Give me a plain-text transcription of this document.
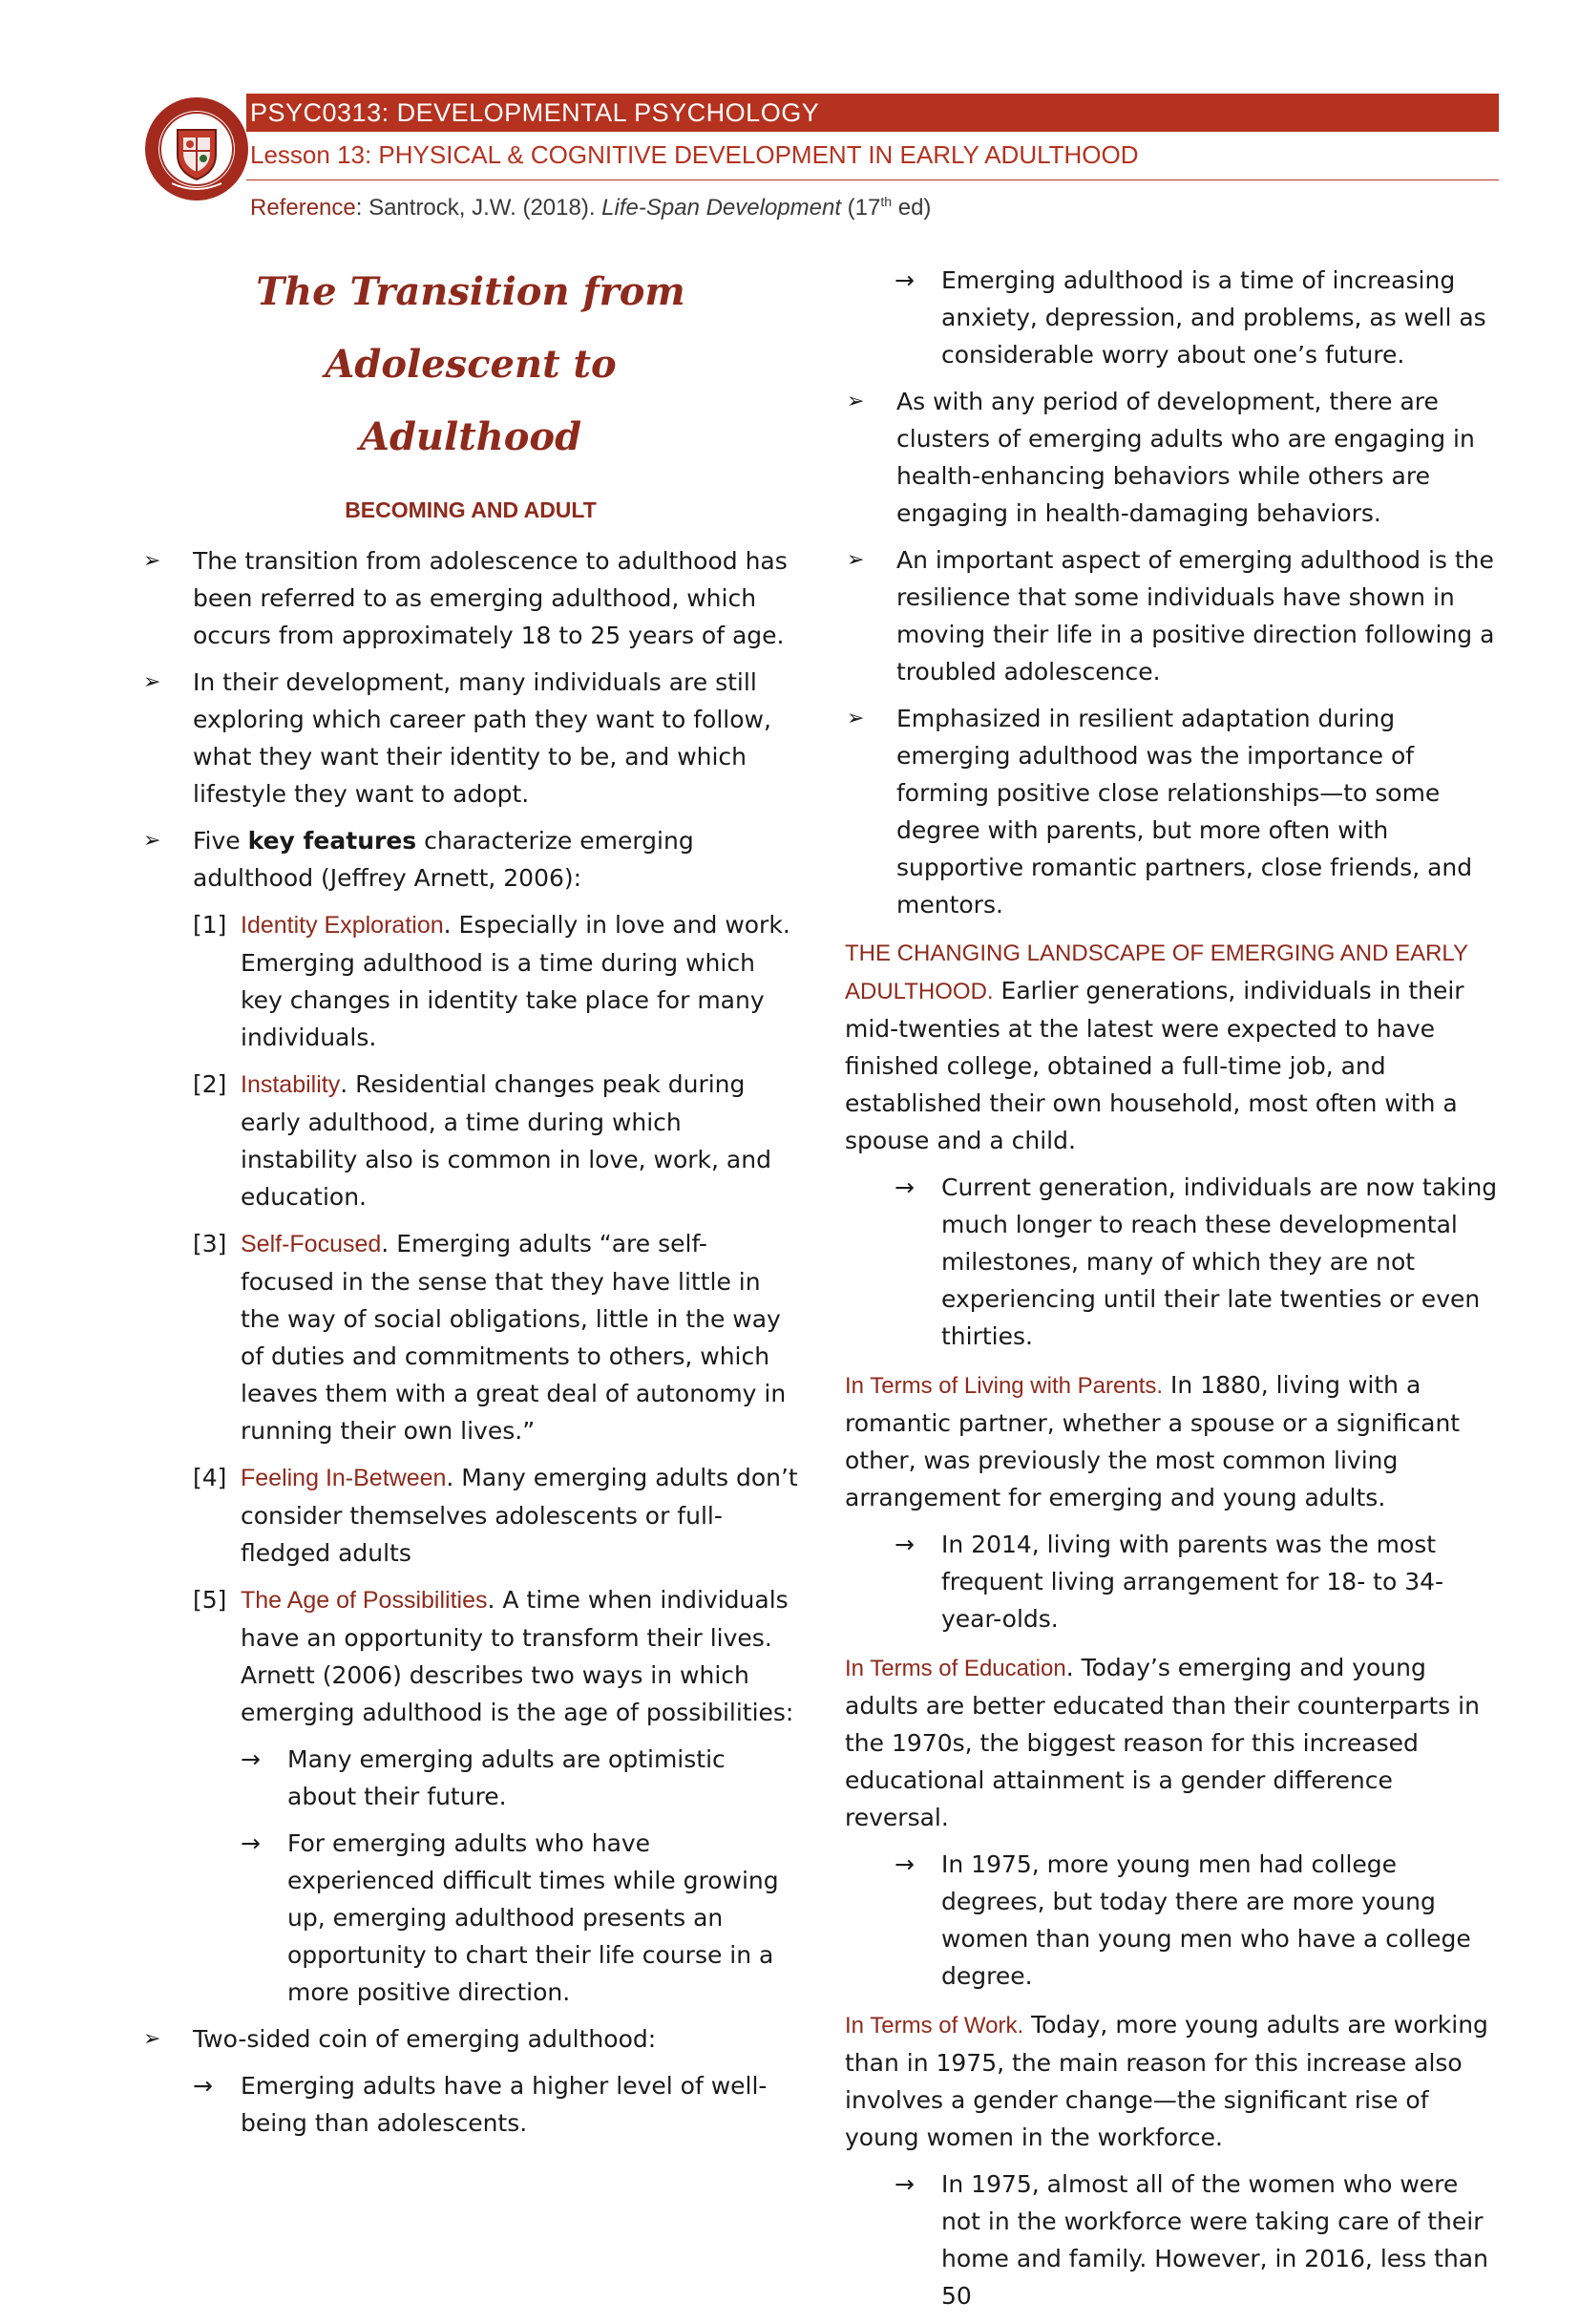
PSYC0313: DEVELOPMENTAL PSYCHOLOGY
Lesson 13: PHYSICAL & COGNITIVE DEVELOPMENT IN EARLY ADULTHOOD
Reference: Santrock, J.W. (2018). Life-Span Development (17th ed)
The Transition from Adolescent to
Adulthood
BECOMING AND ADULT
➢ The transition from adolescence to adulthood has been referred to as emerging adulthood, which occurs from approximately 18 to 25 years of age.
➢ In their development, many individuals are still exploring which career path they want to follow, what they want their identity to be, and which lifestyle they want to adopt.
➢ Five key features characterize emerging adulthood (Jeffrey Arnett, 2006):
[1] Identity Exploration. Especially in love and work. Emerging adulthood is a time during which key changes in identity take place for many individuals.
[2] Instability. Residential changes peak during early adulthood, a time during which instability also is common in love, work, and education.
[3] Self-Focused. Emerging adults “are self-focused in the sense that they have little in the way of social obligations, little in the way of duties and commitments to others, which leaves them with a great deal of autonomy in running their own lives.”
[4] Feeling In-Between. Many emerging adults don’t consider themselves adolescents or full-fledged adults
[5] The Age of Possibilities. A time when individuals have an opportunity to transform their lives. Arnett (2006) describes two ways in which emerging adulthood is the age of possibilities:
→ Many emerging adults are optimistic about their future.
→ For emerging adults who have experienced difficult times while growing up, emerging adulthood presents an opportunity to chart their life course in a more positive direction.
➢ Two-sided coin of emerging adulthood:
→ Emerging adults have a higher level of well-being than adolescents.
→ Emerging adulthood is a time of increasing anxiety, depression, and problems, as well as considerable worry about one’s future.
➢ As with any period of development, there are clusters of emerging adults who are engaging in health-enhancing behaviors while others are engaging in health-damaging behaviors.
➢ An important aspect of emerging adulthood is the resilience that some individuals have shown in moving their life in a positive direction following a troubled adolescence.
➢ Emphasized in resilient adaptation during emerging adulthood was the importance of forming positive close relationships—to some degree with parents, but more often with supportive romantic partners, close friends, and mentors.

THE CHANGING LANDSCAPE OF EMERGING AND EARLY
ADULTHOOD. Earlier generations, individuals in their mid-twenties at the latest were expected to have finished college, obtained a full-time job, and established their own household, most often with a spouse and a child.

→ Current generation, individuals are now taking much longer to reach these developmental milestones, many of which they are not experiencing until their late twenties or even thirties.

In Terms of Living with Parents. In 1880, living with a romantic partner, whether a spouse or a significant other, was previously the most common living arrangement for emerging and young adults.

→ In 2014, living with parents was the most frequent living arrangement for 18- to 34-year-olds.

In Terms of Education. Today’s emerging and young adults are better educated than their counterparts in the 1970s, the biggest reason for this increased educational attainment is a gender difference reversal.

→ In 1975, more young men had college degrees, but today there are more young women than young men who have a college degree.

In Terms of Work. Today, more young adults are working than in 1975, the main reason for this increase also involves a gender change—the significant rise of young women in the workforce.

→ In 1975, almost all of the women who were not in the workforce were taking care of their home and family. However, in 2016, less than 50
